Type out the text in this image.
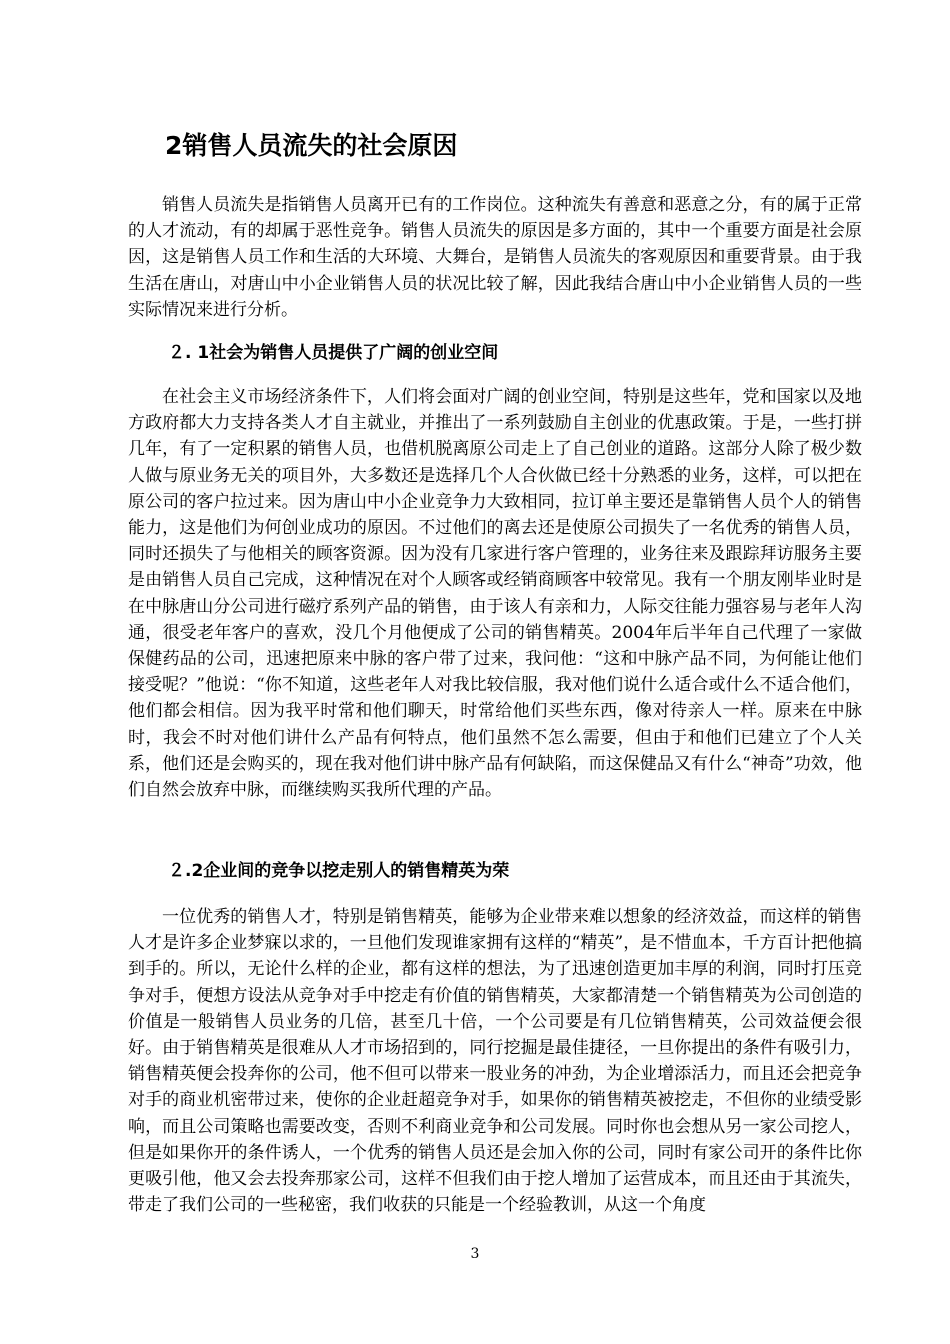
2销售人员流失的社会原因

销售人员流失是指销售人员离开已有的工作岗位。这种流失有善意和恶意之分，有的属于正常的人才流动，有的却属于恶性竞争。销售人员流失的原因是多方面的，其中一个重要方面是社会原因，这是销售人员工作和生活的大环境、大舞台，是销售人员流失的客观原因和重要背景。由于我生活在唐山，对唐山中小企业销售人员的状况比较了解，因此我结合唐山中小企业销售人员的一些实际情况来进行分析。

２. 1社会为销售人员提供了广阔的创业空间

在社会主义市场经济条件下，人们将会面对广阔的创业空间，特别是这些年，党和国家以及地方政府都大力支持各类人才自主就业，并推出了一系列鼓励自主创业的优惠政策。于是，一些打拼几年，有了一定积累的销售人员，也借机脱离原公司走上了自己创业的道路。这部分人除了极少数人做与原业务无关的项目外，大多数还是选择几个人合伙做已经十分熟悉的业务，这样，可以把在原公司的客户拉过来。因为唐山中小企业竞争力大致相同，拉订单主要还是靠销售人员个人的销售能力，这是他们为何创业成功的原因。不过他们的离去还是使原公司损失了一名优秀的销售人员，同时还损失了与他相关的顾客资源。因为没有几家进行客户管理的，业务往来及跟踪拜访服务主要是由销售人员自己完成，这种情况在对个人顾客或经销商顾客中较常见。我有一个朋友刚毕业时是在中脉唐山分公司进行磁疗系列产品的销售，由于该人有亲和力，人际交往能力强容易与老年人沟通，很受老年客户的喜欢，没几个月他便成了公司的销售精英。2004年后半年自己代理了一家做保健药品的公司，迅速把原来中脉的客户带了过来，我问他：“这和中脉产品不同，为何能让他们接受呢？”他说：“你不知道，这些老年人对我比较信服，我对他们说什么适合或什么不适合他们，他们都会相信。因为我平时常和他们聊天，时常给他们买些东西，像对待亲人一样。原来在中脉时，我会不时对他们讲什么产品有何特点，他们虽然不怎么需要，但由于和他们已建立了个人关系，他们还是会购买的，现在我对他们讲中脉产品有何缺陷，而这保健品又有什么“神奇”功效，他们自然会放弃中脉，而继续购买我所代理的产品。

２.2企业间的竞争以挖走别人的销售精英为荣

一位优秀的销售人才，特别是销售精英，能够为企业带来难以想象的经济效益，而这样的销售人才是许多企业梦寐以求的，一旦他们发现谁家拥有这样的“精英”，是不惜血本，千方百计把他搞到手的。所以，无论什么样的企业，都有这样的想法，为了迅速创造更加丰厚的利润，同时打压竞争对手，便想方设法从竞争对手中挖走有价值的销售精英，大家都清楚一个销售精英为公司创造的价值是一般销售人员业务的几倍，甚至几十倍，一个公司要是有几位销售精英，公司效益便会很好。由于销售精英是很难从人才市场招到的，同行挖掘是最佳捷径，一旦你提出的条件有吸引力，销售精英便会投奔你的公司，他不但可以带来一股业务的冲劲，为企业增添活力，而且还会把竞争对手的商业机密带过来，使你的企业赶超竞争对手，如果你的销售精英被挖走，不但你的业绩受影响，而且公司策略也需要改变，否则不利商业竞争和公司发展。同时你也会想从另一家公司挖人，但是如果你开的条件诱人，一个优秀的销售人员还是会加入你的公司，同时有家公司开的条件比你更吸引他，他又会去投奔那家公司，这样不但我们由于挖人增加了运营成本，而且还由于其流失，带走了我们公司的一些秘密，我们收获的只能是一个经验教训，从这一个角度

3
